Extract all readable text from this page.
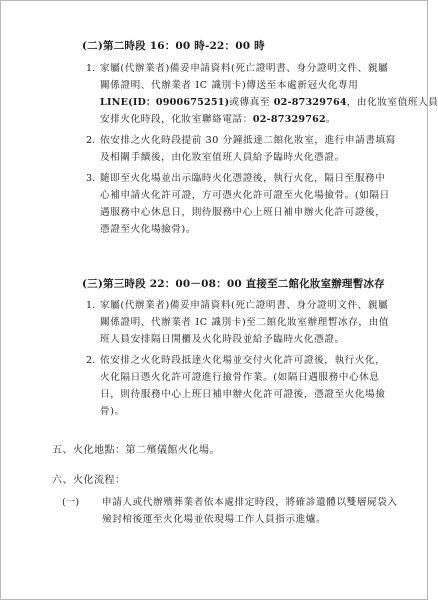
(二)第二時段 16：00 時-22：00 時
1. 家屬(代辦業者)備妥申請資料(死亡證明書、身分證明文件、親屬
關係證明、代辦業者 IC 識別卡)傳送至本處新冠火化專用
LINE(ID：0900675251)或傳真至 02-87329764，由化妝室值班人員
安排火化時段，化妝室聯絡電話：02-87329762。
2. 依安排之火化時段提前 30 分鐘抵達二館化妝室，進行申請書填寫
及相關手續後，由化妝室值班人員給予臨時火化憑證。
3. 隨即至火化場並出示臨時火化憑證後，執行火化，隔日至服務中
心補申請火化許可證，方可憑火化許可證至火化場撿骨。(如隔日
遇服務中心休息日，則待服務中心上班日補申辦火化許可證後，
憑證至火化場撿骨)。
(三)第三時段 22：00－08：00 直接至二館化妝室辦理暫冰存
1. 家屬(代辦業者)備妥申請資料(死亡證明書、身分證明文件、親屬
關係證明、代辦業者 IC 識別卡)至二館化妝室辦理暫冰存，由值
班人員安排隔日開櫃及火化時段並給予臨時火化憑證。
2. 依安排之火化時段抵達火化場並交付火化許可證後，執行火化，
火化隔日憑火化許可證進行撿骨作業。(如隔日遇服務中心休息
日，則待服務中心上班日補申辦火化許可證後，憑證至火化場撿
骨)。
五、火化地點：第二殯儀館火化場。
六、火化流程：
(一) 申請人或代辦殯葬業者依本處排定時段，將確診遺體以雙層屍袋入
殮封棺後運至火化場並依現場工作人員指示進爐。
